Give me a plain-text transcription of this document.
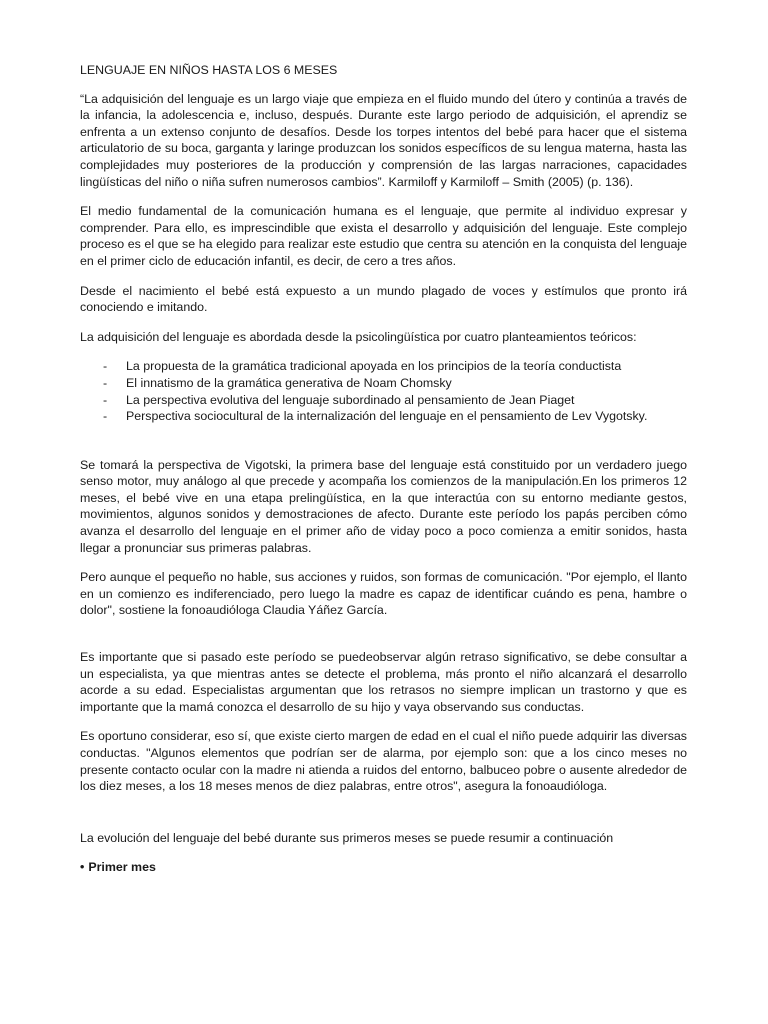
LENGUAJE EN NIÑOS HASTA LOS 6 MESES

“La adquisición del lenguaje es un largo viaje que empieza en el fluido mundo del útero y continúa a través de la infancia, la adolescencia e, incluso, después. Durante este largo periodo de adquisición, el aprendiz se enfrenta a un extenso conjunto de desafíos. Desde los torpes intentos del bebé para hacer que el sistema articulatorio de su boca, garganta y laringe produzcan los sonidos específicos de su lengua materna, hasta las complejidades muy posteriores de la producción y comprensión de las largas narraciones, capacidades lingüísticas del niño o niña sufren numerosos cambios”. Karmiloff y Karmiloff – Smith (2005) (p. 136).

El medio fundamental de la comunicación humana es el lenguaje, que permite al individuo expresar y comprender. Para ello, es imprescindible que exista el desarrollo y adquisición del lenguaje. Este complejo proceso es el que se ha elegido para realizar este estudio que centra su atención en la conquista del lenguaje en el primer ciclo de educación infantil, es decir, de cero a tres años.

Desde el nacimiento el bebé está expuesto a un mundo plagado de voces y estímulos que pronto irá conociendo e imitando.

La adquisición del lenguaje es abordada desde la psicolingüística por cuatro planteamientos teóricos:

- La propuesta de la gramática tradicional apoyada en los principios de la teoría conductista
- El innatismo de la gramática generativa de Noam Chomsky
- La perspectiva evolutiva del lenguaje subordinado al pensamiento de Jean Piaget
- Perspectiva sociocultural de la internalización del lenguaje en el pensamiento de Lev Vygotsky.

Se tomará la perspectiva de Vigotski, la primera base del lenguaje está constituido por un verdadero juego senso motor, muy análogo al que precede y acompaña los comienzos de la manipulación.En los primeros 12 meses, el bebé vive en una etapa prelingüística, en la que interactúa con su entorno mediante gestos, movimientos, algunos sonidos y demostraciones de afecto. Durante este período los papás perciben cómo avanza el desarrollo del lenguaje en el primer año de viday poco a poco comienza a emitir sonidos, hasta llegar a pronunciar sus primeras palabras.

Pero aunque el pequeño no hable, sus acciones y ruidos, son formas de comunicación. "Por ejemplo, el llanto en un comienzo es indiferenciado, pero luego la madre es capaz de identificar cuándo es pena, hambre o dolor", sostiene la fonoaudióloga Claudia Yáñez García.

Es importante que si pasado este período se puedeobservar algún retraso significativo, se debe consultar a un especialista, ya que mientras antes se detecte el problema, más pronto el niño alcanzará el desarrollo acorde a su edad. Especialistas argumentan que los retrasos no siempre implican un trastorno y que es importante que la mamá conozca el desarrollo de su hijo y vaya observando sus conductas.

Es oportuno considerar, eso sí, que existe cierto margen de edad en el cual el niño puede adquirir las diversas conductas. "Algunos elementos que podrían ser de alarma, por ejemplo son: que a los cinco meses no presente contacto ocular con la madre ni atienda a ruidos del entorno, balbuceo pobre o ausente alrededor de los diez meses, a los 18 meses menos de diez palabras, entre otros", asegura la fonoaudióloga.

La evolución del lenguaje del bebé durante sus primeros meses se puede resumir a continuación

• Primer mes
